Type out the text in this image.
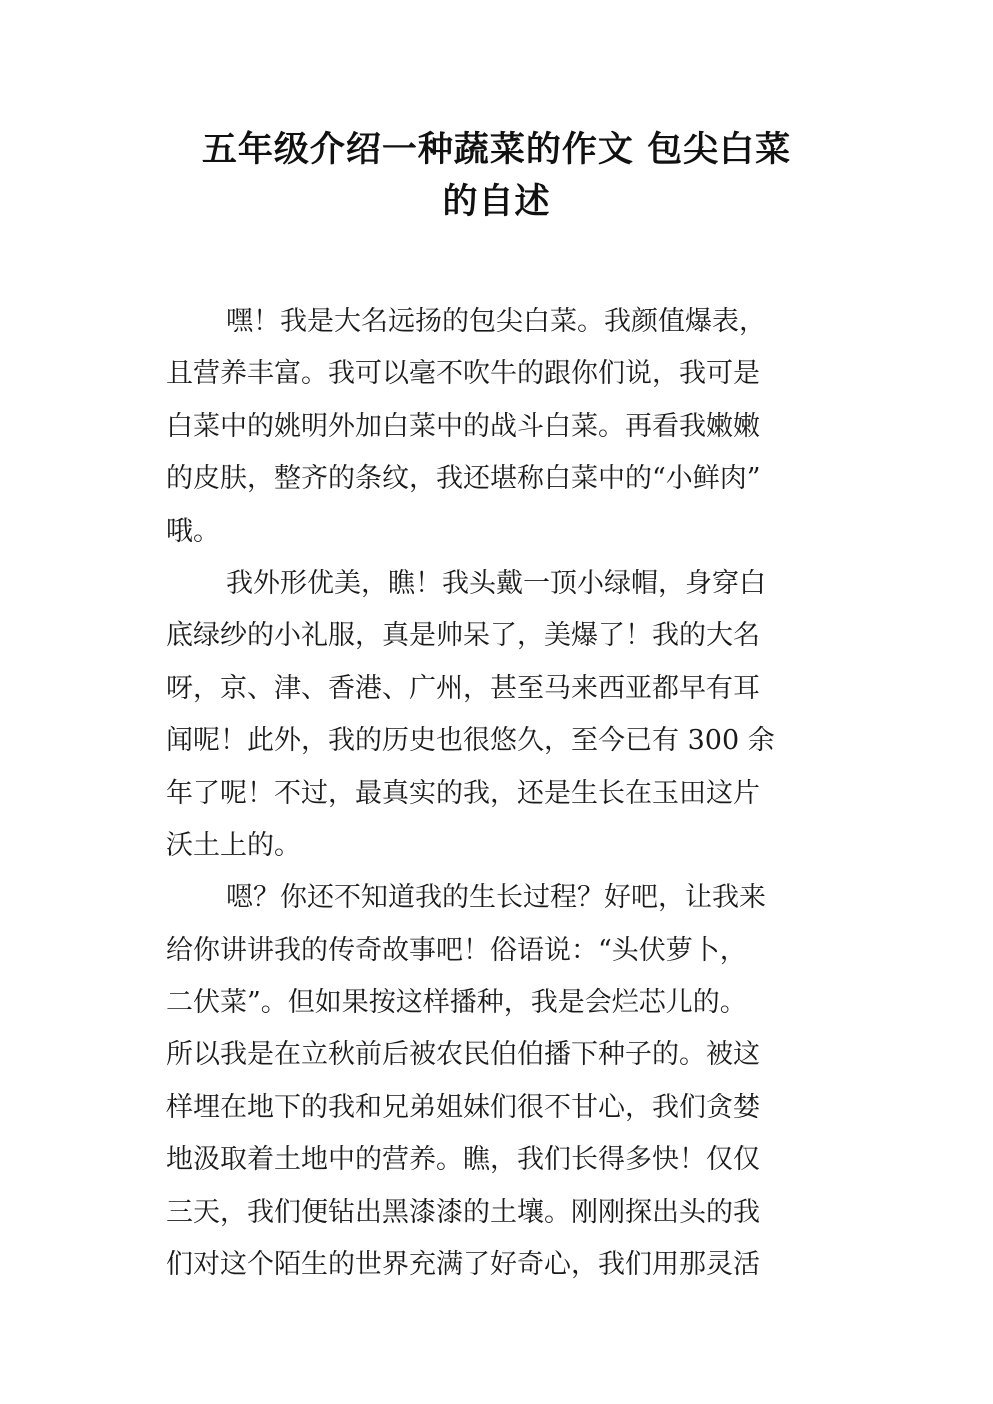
五年级介绍一种蔬菜的作文 包尖白菜
的自述
嘿！我是大名远扬的包尖白菜。我颜值爆表，
且营养丰富。我可以毫不吹牛的跟你们说，我可是
白菜中的姚明外加白菜中的战斗白菜。再看我嫩嫩
的皮肤，整齐的条纹，我还堪称白菜中的“小鲜肉”
哦。
我外形优美，瞧！我头戴一顶小绿帽，身穿白
底绿纱的小礼服，真是帅呆了，美爆了！我的大名
呀，京、津、香港、广州，甚至马来西亚都早有耳
闻呢！此外，我的历史也很悠久，至今已有 300 余
年了呢！不过，最真实的我，还是生长在玉田这片
沃土上的。
嗯？你还不知道我的生长过程？好吧，让我来
给你讲讲我的传奇故事吧！俗语说：“头伏萝卜，
二伏菜”。但如果按这样播种，我是会烂芯儿的。
所以我是在立秋前后被农民伯伯播下种子的。被这
样埋在地下的我和兄弟姐妹们很不甘心，我们贪婪
地汲取着土地中的营养。瞧，我们长得多快！仅仅
三天，我们便钻出黑漆漆的土壤。刚刚探出头的我
们对这个陌生的世界充满了好奇心，我们用那灵活
